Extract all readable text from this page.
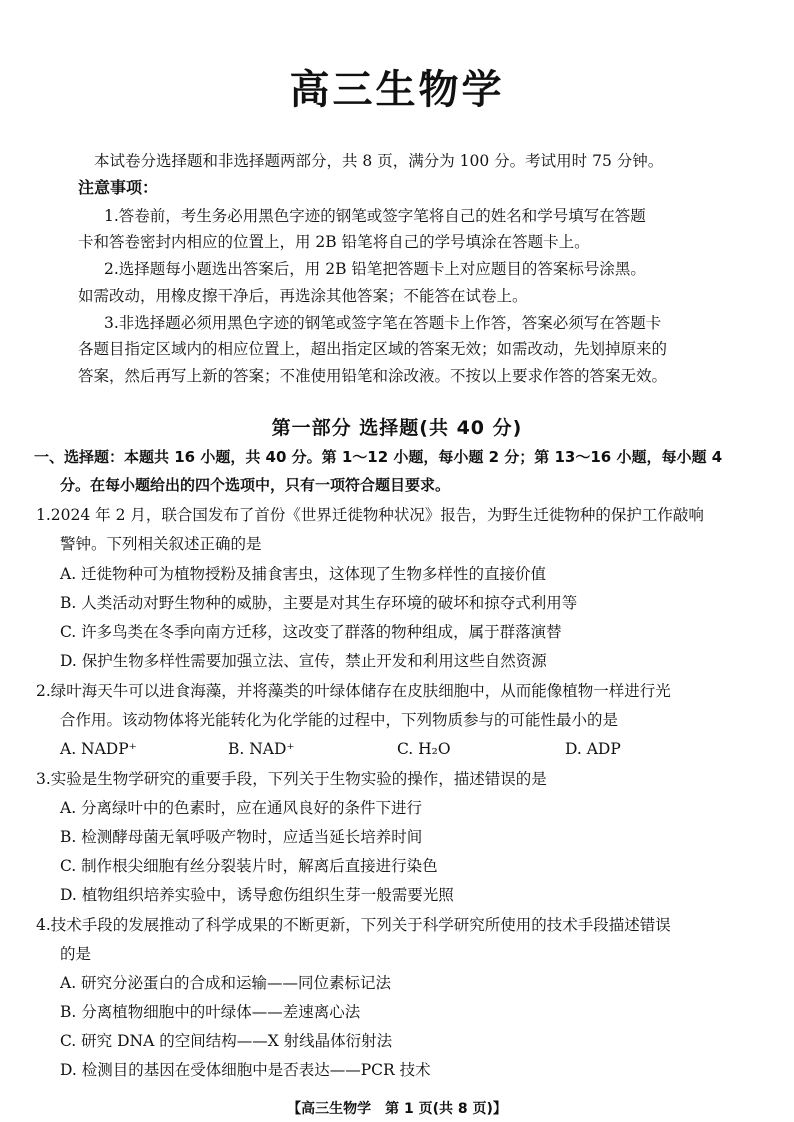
高三生物学
本试卷分选择题和非选择题两部分，共 8 页，满分为 100 分。考试用时 75 分钟。
注意事项：
1.答卷前，考生务必用黑色字迹的钢笔或签字笔将自己的姓名和学号填写在答题
卡和答卷密封内相应的位置上，用 2B 铅笔将自己的学号填涂在答题卡上。
2.选择题每小题选出答案后，用 2B 铅笔把答题卡上对应题目的答案标号涂黑。
如需改动，用橡皮擦干净后，再选涂其他答案；不能答在试卷上。
3.非选择题必须用黑色字迹的钢笔或签字笔在答题卡上作答，答案必须写在答题卡
各题目指定区域内的相应位置上，超出指定区域的答案无效；如需改动，先划掉原来的
答案，然后再写上新的答案；不准使用铅笔和涂改液。不按以上要求作答的答案无效。
第一部分 选择题(共 40 分)
一、选择题：本题共 16 小题，共 40 分。第 1～12 小题，每小题 2 分；第 13～16 小题，每小题 4
分。在每小题给出的四个选项中，只有一项符合题目要求。
1.2024 年 2 月，联合国发布了首份《世界迁徙物种状况》报告，为野生迁徙物种的保护工作敲响
警钟。下列相关叙述正确的是
A. 迁徙物种可为植物授粉及捕食害虫，这体现了生物多样性的直接价值
B. 人类活动对野生物种的威胁，主要是对其生存环境的破坏和掠夺式利用等
C. 许多鸟类在冬季向南方迁移，这改变了群落的物种组成，属于群落演替
D. 保护生物多样性需要加强立法、宣传，禁止开发和利用这些自然资源
2.绿叶海天牛可以进食海藻，并将藻类的叶绿体储存在皮肤细胞中，从而能像植物一样进行光
合作用。该动物体将光能转化为化学能的过程中，下列物质参与的可能性最小的是
A. NADP⁺	B. NAD⁺	C. H₂O	D. ADP
3.实验是生物学研究的重要手段，下列关于生物实验的操作，描述错误的是
A. 分离绿叶中的色素时，应在通风良好的条件下进行
B. 检测酵母菌无氧呼吸产物时，应适当延长培养时间
C. 制作根尖细胞有丝分裂装片时，解离后直接进行染色
D. 植物组织培养实验中，诱导愈伤组织生芽一般需要光照
4.技术手段的发展推动了科学成果的不断更新，下列关于科学研究所使用的技术手段描述错误
的是
A. 研究分泌蛋白的合成和运输——同位素标记法
B. 分离植物细胞中的叶绿体——差速离心法
C. 研究 DNA 的空间结构——X 射线晶体衍射法
D. 检测目的基因在受体细胞中是否表达——PCR 技术
【高三生物学　第 1 页(共 8 页)】
